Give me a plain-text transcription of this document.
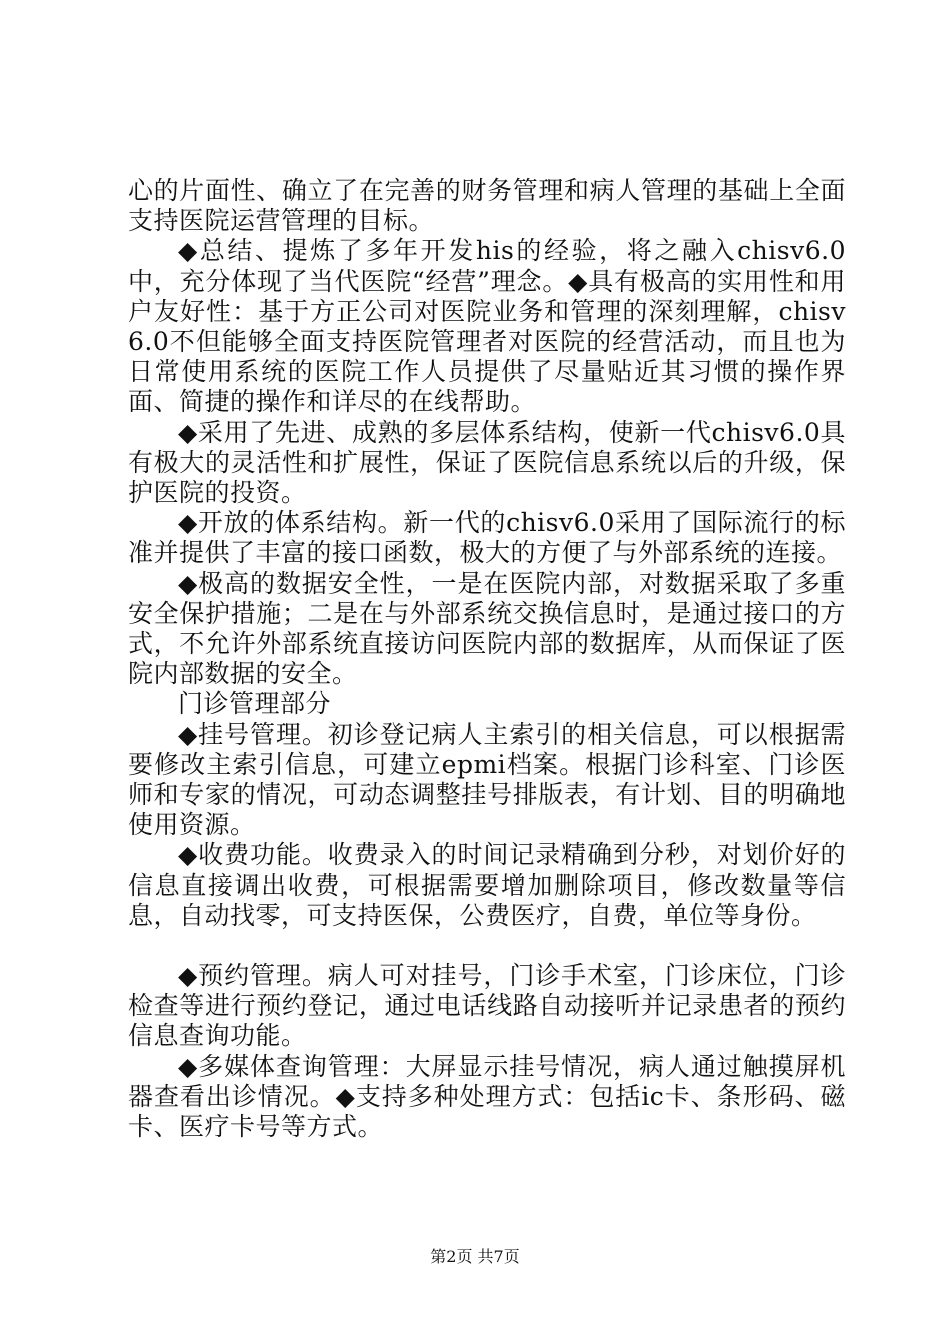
心的片面性、确立了在完善的财务管理和病人管理的基础上全面支持医院运营管理的目标。

◆总结、提炼了多年开发his的经验，将之融入chisv6.0中，充分体现了当代医院“经营”理念。◆具有极高的实用性和用户友好性：基于方正公司对医院业务和管理的深刻理解，chisv6.0不但能够全面支持医院管理者对医院的经营活动，而且也为日常使用系统的医院工作人员提供了尽量贴近其习惯的操作界面、简捷的操作和详尽的在线帮助。

◆采用了先进、成熟的多层体系结构，使新一代chisv6.0具有极大的灵活性和扩展性，保证了医院信息系统以后的升级，保护医院的投资。

◆开放的体系结构。新一代的chisv6.0采用了国际流行的标准并提供了丰富的接口函数，极大的方便了与外部系统的连接。

◆极高的数据安全性，一是在医院内部，对数据采取了多重安全保护措施；二是在与外部系统交换信息时，是通过接口的方式，不允许外部系统直接访问医院内部的数据库，从而保证了医院内部数据的安全。

门诊管理部分

◆挂号管理。初诊登记病人主索引的相关信息，可以根据需要修改主索引信息，可建立epmi档案。根据门诊科室、门诊医师和专家的情况，可动态调整挂号排版表，有计划、目的明确地使用资源。

◆收费功能。收费录入的时间记录精确到分秒，对划价好的信息直接调出收费，可根据需要增加删除项目，修改数量等信息，自动找零，可支持医保，公费医疗，自费，单位等身份。

◆预约管理。病人可对挂号，门诊手术室，门诊床位，门诊检查等进行预约登记，通过电话线路自动接听并记录患者的预约信息查询功能。

◆多媒体查询管理：大屏显示挂号情况，病人通过触摸屏机器查看出诊情况。◆支持多种处理方式：包括ic卡、条形码、磁卡、医疗卡号等方式。

第2页 共7页
